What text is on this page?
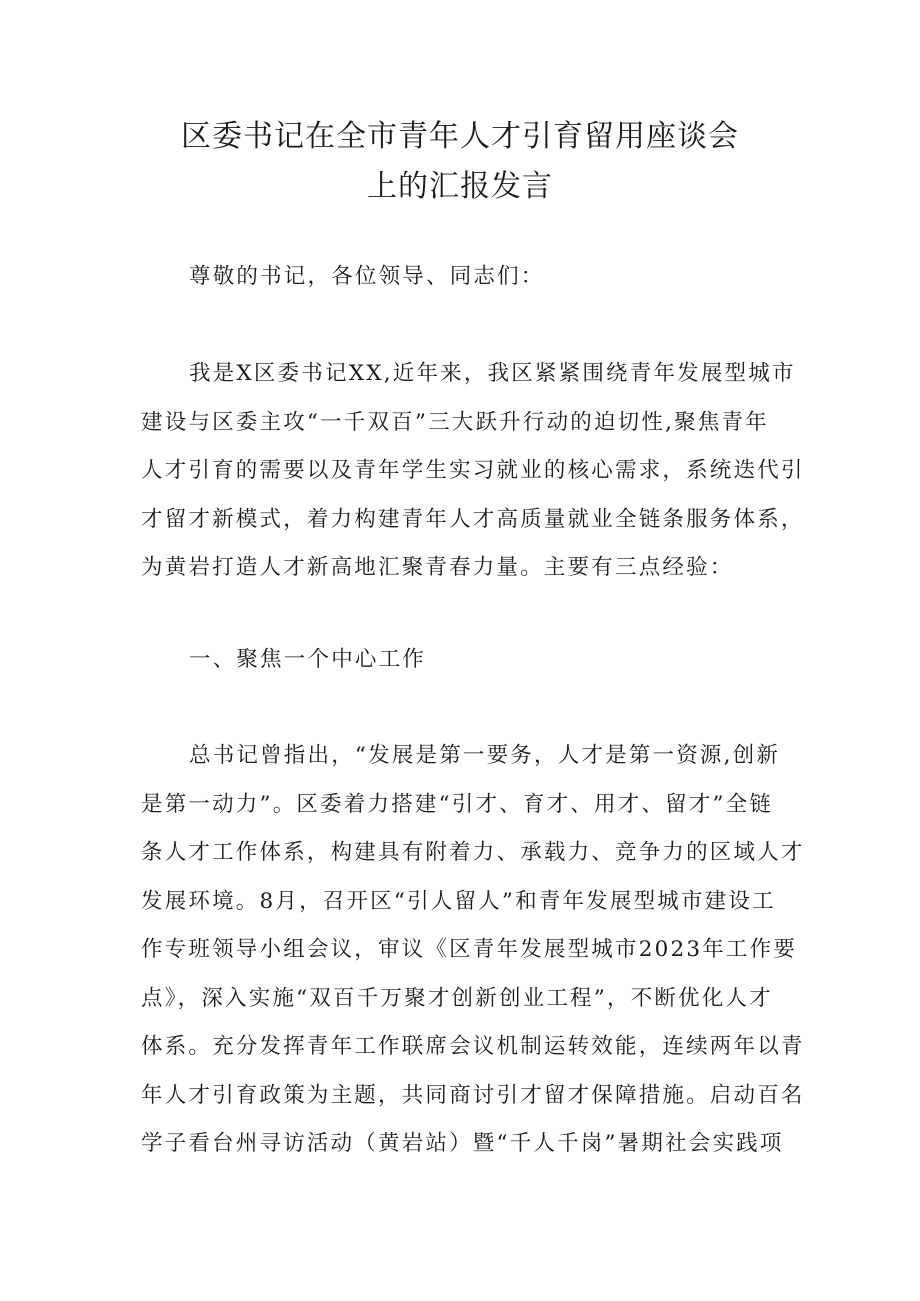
区委书记在全市青年人才引育留用座谈会
上的汇报发言

尊敬的书记，各位领导、同志们：

我是X区委书记XX,近年来，我区紧紧围绕青年发展型城市
建设与区委主攻“一千双百”三大跃升行动的迫切性,聚焦青年
人才引育的需要以及青年学生实习就业的核心需求，系统迭代引
才留才新模式，着力构建青年人才高质量就业全链条服务体系，
为黄岩打造人才新高地汇聚青春力量。主要有三点经验：

一、聚焦一个中心工作

总书记曾指出，“发展是第一要务，人才是第一资源,创新
是第一动力”。区委着力搭建“引才、育才、用才、留才”全链
条人才工作体系，构建具有附着力、承载力、竞争力的区域人才
发展环境。8月，召开区“引人留人”和青年发展型城市建设工
作专班领导小组会议，审议《区青年发展型城市2023年工作要
点》，深入实施“双百千万聚才创新创业工程”，不断优化人才
体系。充分发挥青年工作联席会议机制运转效能，连续两年以青
年人才引育政策为主题，共同商讨引才留才保障措施。启动百名
学子看台州寻访活动（黄岩站）暨“千人千岗”暑期社会实践项
